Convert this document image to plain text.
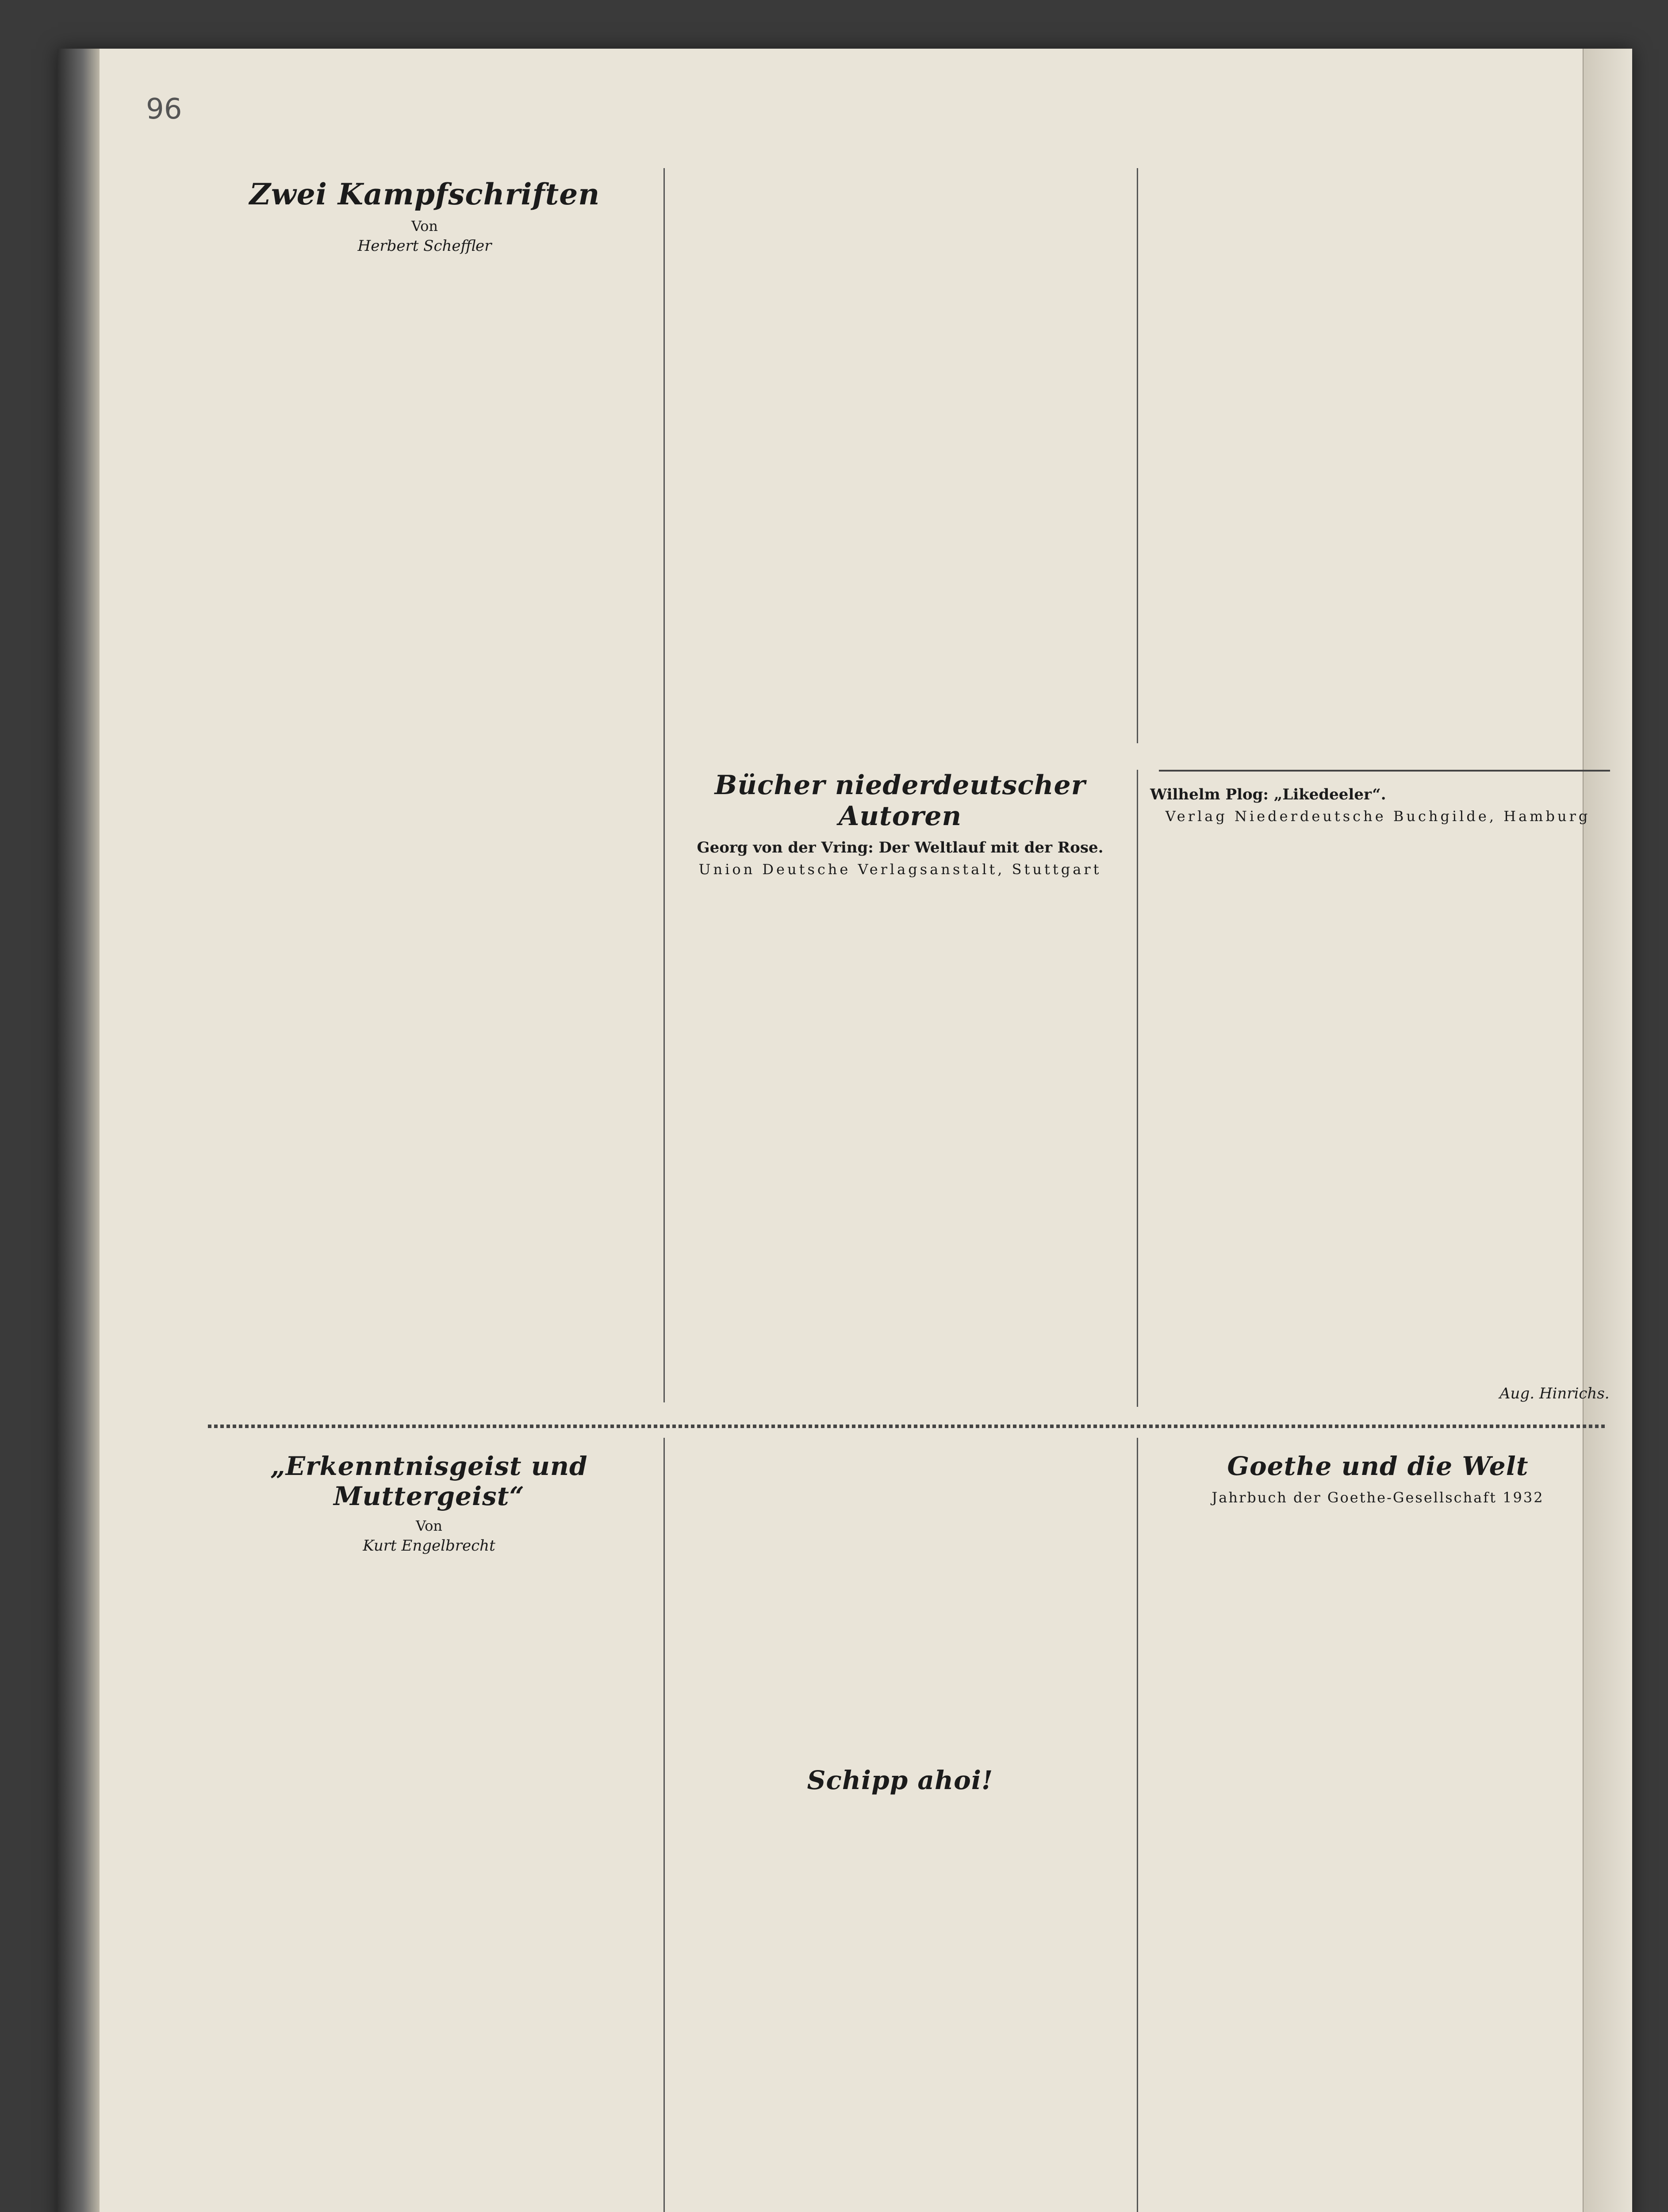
96
Zwei Kampfschriften
Von
Herbert Scheffler
Bücher niederdeutscher Autoren
Georg von der Vring: Der Weltlauf mit der Rose.
Union Deutsche Verlagsanstalt, Stuttgart
Wilhelm Plog: „Likedeeler“.
Verlag Niederdeutsche Buchgilde, Hamburg
Aug. Hinrichs.
„Erkenntnisgeist und Muttergeist“
Von
Kurt Engelbrecht
Schipp ahoi!
Goethe und die Welt
Jahrbuch der Goethe-Gesellschaft 1932
